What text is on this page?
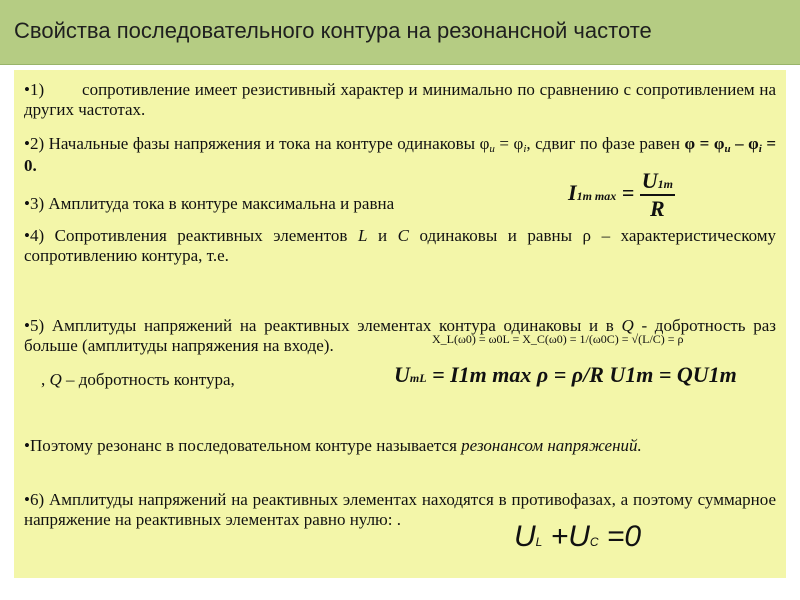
Свойства последовательного контура на резонансной частоте

•1) сопротивление имеет резистивный характер и минимально по сравнению с сопротивлением на других частотах.

•2) Начальные фазы напряжения и тока на контуре одинаковы φu = φi, сдвиг по фазе равен φ = φu – φi = 0.

•3) Амплитуда тока в контуре максимальна и равна	I1m $\max = \frac{U1m}{R}$

•4) Сопротивления реактивных элементов L и C одинаковы и равны ρ – характеристическому сопротивлению контура, т.е.

X_L(ω0) = ω0L = X_C(ω0) = 1/(ω0C) = √(L/C) = ρ

•5) Амплитуды напряжений на реактивных элементах контура одинаковы и в Q - добротность раз больше (амплитуды напряжения на входе).

, Q – добротность контура,	UmL = I1m max ρ = ρ/R U1m = QU1m

•Поэтому резонанс в последовательном контуре называется резонансом напряжений.

•6) Амплитуды напряжений на реактивных элементах находятся в противофазах, а поэтому суммарное напряжение на реактивных элементах равно нулю: .

UL +UC =0
